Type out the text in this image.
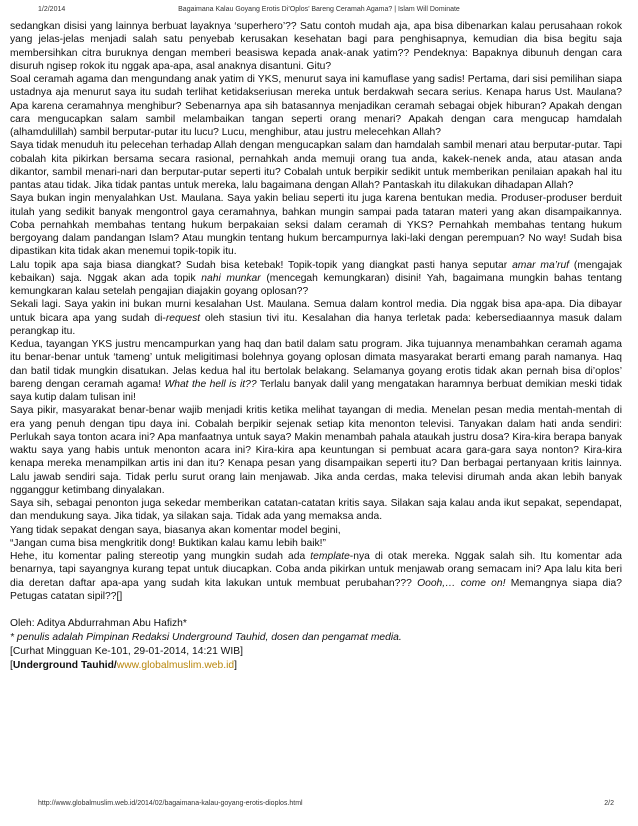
1/2/2014	Bagaimana Kalau Goyang Erotis Di’Oplos’ Bareng Ceramah Agama? | Islam Will Dominate

sedangkan disisi yang lainnya berbuat layaknya ‘superhero’?? Satu contoh mudah aja, apa bisa dibenarkan kalau perusahaan rokok yang jelas-jelas menjadi salah satu penyebab kerusakan kesehatan bagi para penghisapnya, kemudian dia bisa begitu saja membersihkan citra buruknya dengan memberi beasiswa kepada anak-anak yatim?? Pendeknya: Bapaknya dibunuh dengan cara disuruh ngisep rokok itu nggak apa-apa, asal anaknya disantuni. Gitu?

Soal ceramah agama dan mengundang anak yatim di YKS, menurut saya ini kamuflase yang sadis! Pertama, dari sisi pemilihan siapa ustadnya aja menurut saya itu sudah terlihat ketidakseriusan mereka untuk berdakwah secara serius. Kenapa harus Ust. Maulana? Apa karena ceramahnya menghibur? Sebenarnya apa sih batasannya menjadikan ceramah sebagai objek hiburan? Apakah dengan cara mengucapkan salam sambil melambaikan tangan seperti orang menari? Apakah dengan cara mengucap hamdalah (alhamdulillah) sambil berputar-putar itu lucu? Lucu, menghibur, atau justru melecehkan Allah?

Saya tidak menuduh itu pelecehan terhadap Allah dengan mengucapkan salam dan hamdalah sambil menari atau berputar-putar. Tapi cobalah kita pikirkan bersama secara rasional, pernahkah anda memuji orang tua anda, kakek-nenek anda, atau atasan anda dikantor, sambil menari-nari dan berputar-putar seperti itu? Cobalah untuk berpikir sedikit untuk memberikan penilaian apakah hal itu pantas atau tidak. Jika tidak pantas untuk mereka, lalu bagaimana dengan Allah? Pantaskah itu dilakukan dihadapan Allah?

Saya bukan ingin menyalahkan Ust. Maulana. Saya yakin beliau seperti itu juga karena bentukan media. Produser-produser berduit itulah yang sedikit banyak mengontrol gaya ceramahnya, bahkan mungin sampai pada tataran materi yang akan disampaikannya. Coba pernahkah membahas tentang hukum berpakaian seksi dalam ceramah di YKS? Pernahkah membahas tentang hukum bergoyang dalam pandangan Islam? Atau mungkin tentang hukum bercampurnya laki-laki dengan perempuan? No way! Sudah bisa dipastikan kita tidak akan menemui topik-topik itu.

Lalu topik apa saja biasa diangkat? Sudah bisa ketebak! Topik-topik yang diangkat pasti hanya seputar amar ma’ruf (mengajak kebaikan) saja. Nggak akan ada topik nahi munkar (mencegah kemungkaran) disini! Yah, bagaimana mungkin bahas tentang kemungkaran kalau setelah pengajian diajakin goyang oplosan??

Sekali lagi. Saya yakin ini bukan murni kesalahan Ust. Maulana. Semua dalam kontrol media. Dia nggak bisa apa-apa. Dia dibayar untuk bicara apa yang sudah di-request oleh stasiun tivi itu. Kesalahan dia hanya terletak pada: kebersediaannya masuk dalam perangkap itu.

Kedua, tayangan YKS justru mencampurkan yang haq dan batil dalam satu program. Jika tujuannya menambahkan ceramah agama itu benar-benar untuk ‘tameng’ untuk meligitimasi bolehnya goyang oplosan dimata masyarakat berarti emang parah namanya. Haq dan batil tidak mungkin disatukan. Jelas kedua hal itu bertolak belakang. Selamanya goyang erotis tidak akan pernah bisa di’oplos’ bareng dengan ceramah agama! What the hell is it?? Terlalu banyak dalil yang mengatakan haramnya berbuat demikian meski tidak saya kutip dalam tulisan ini!

Saya pikir, masyarakat benar-benar wajib menjadi kritis ketika melihat tayangan di media. Menelan pesan media mentah-mentah di era yang penuh dengan tipu daya ini. Cobalah berpikir sejenak setiap kita menonton televisi. Tanyakan dalam hati anda sendiri: Perlukah saya tonton acara ini? Apa manfaatnya untuk saya? Makin menambah pahala ataukah justru dosa? Kira-kira berapa banyak waktu saya yang habis untuk menonton acara ini? Kira-kira apa keuntungan si pembuat acara gara-gara saya nonton? Kira-kira kenapa mereka menampilkan artis ini dan itu? Kenapa pesan yang disampaikan seperti itu? Dan berbagai pertanyaan kritis lainnya. Lalu jawab sendiri saja. Tidak perlu surut orang lain menjawab. Jika anda cerdas, maka televisi dirumah anda akan lebih banyak ngganggur ketimbang dinyalakan.

Saya sih, sebagai penonton juga sekedar memberikan catatan-catatan kritis saya. Silakan saja kalau anda ikut sepakat, sependapat, dan mendukung saya. Jika tidak, ya silakan saja. Tidak ada yang memaksa anda.

Yang tidak sepakat dengan saya, biasanya akan komentar model begini,

“Jangan cuma bisa mengkritik dong! Buktikan kalau kamu lebih baik!”

Hehe, itu komentar paling stereotip yang mungkin sudah ada template-nya di otak mereka. Nggak salah sih. Itu komentar ada benarnya, tapi sayangnya kurang tepat untuk diucapkan. Coba anda pikirkan untuk menjawab orang semacam ini? Apa lalu kita beri dia deretan daftar apa-apa yang sudah kita lakukan untuk membuat perubahan??? Oooh,… come on! Memangnya siapa dia? Petugas catatan sipil??[]

Oleh: Aditya Abdurrahman Abu Hafizh*

* penulis adalah Pimpinan Redaksi Underground Tauhid, dosen dan pengamat media.

[Curhat Mingguan Ke-101, 29-01-2014, 14:21 WIB]

[Underground Tauhid/www.globalmuslim.web.id]

http://www.globalmuslim.web.id/2014/02/bagaimana-kalau-goyang-erotis-dioplos.html	2/2
